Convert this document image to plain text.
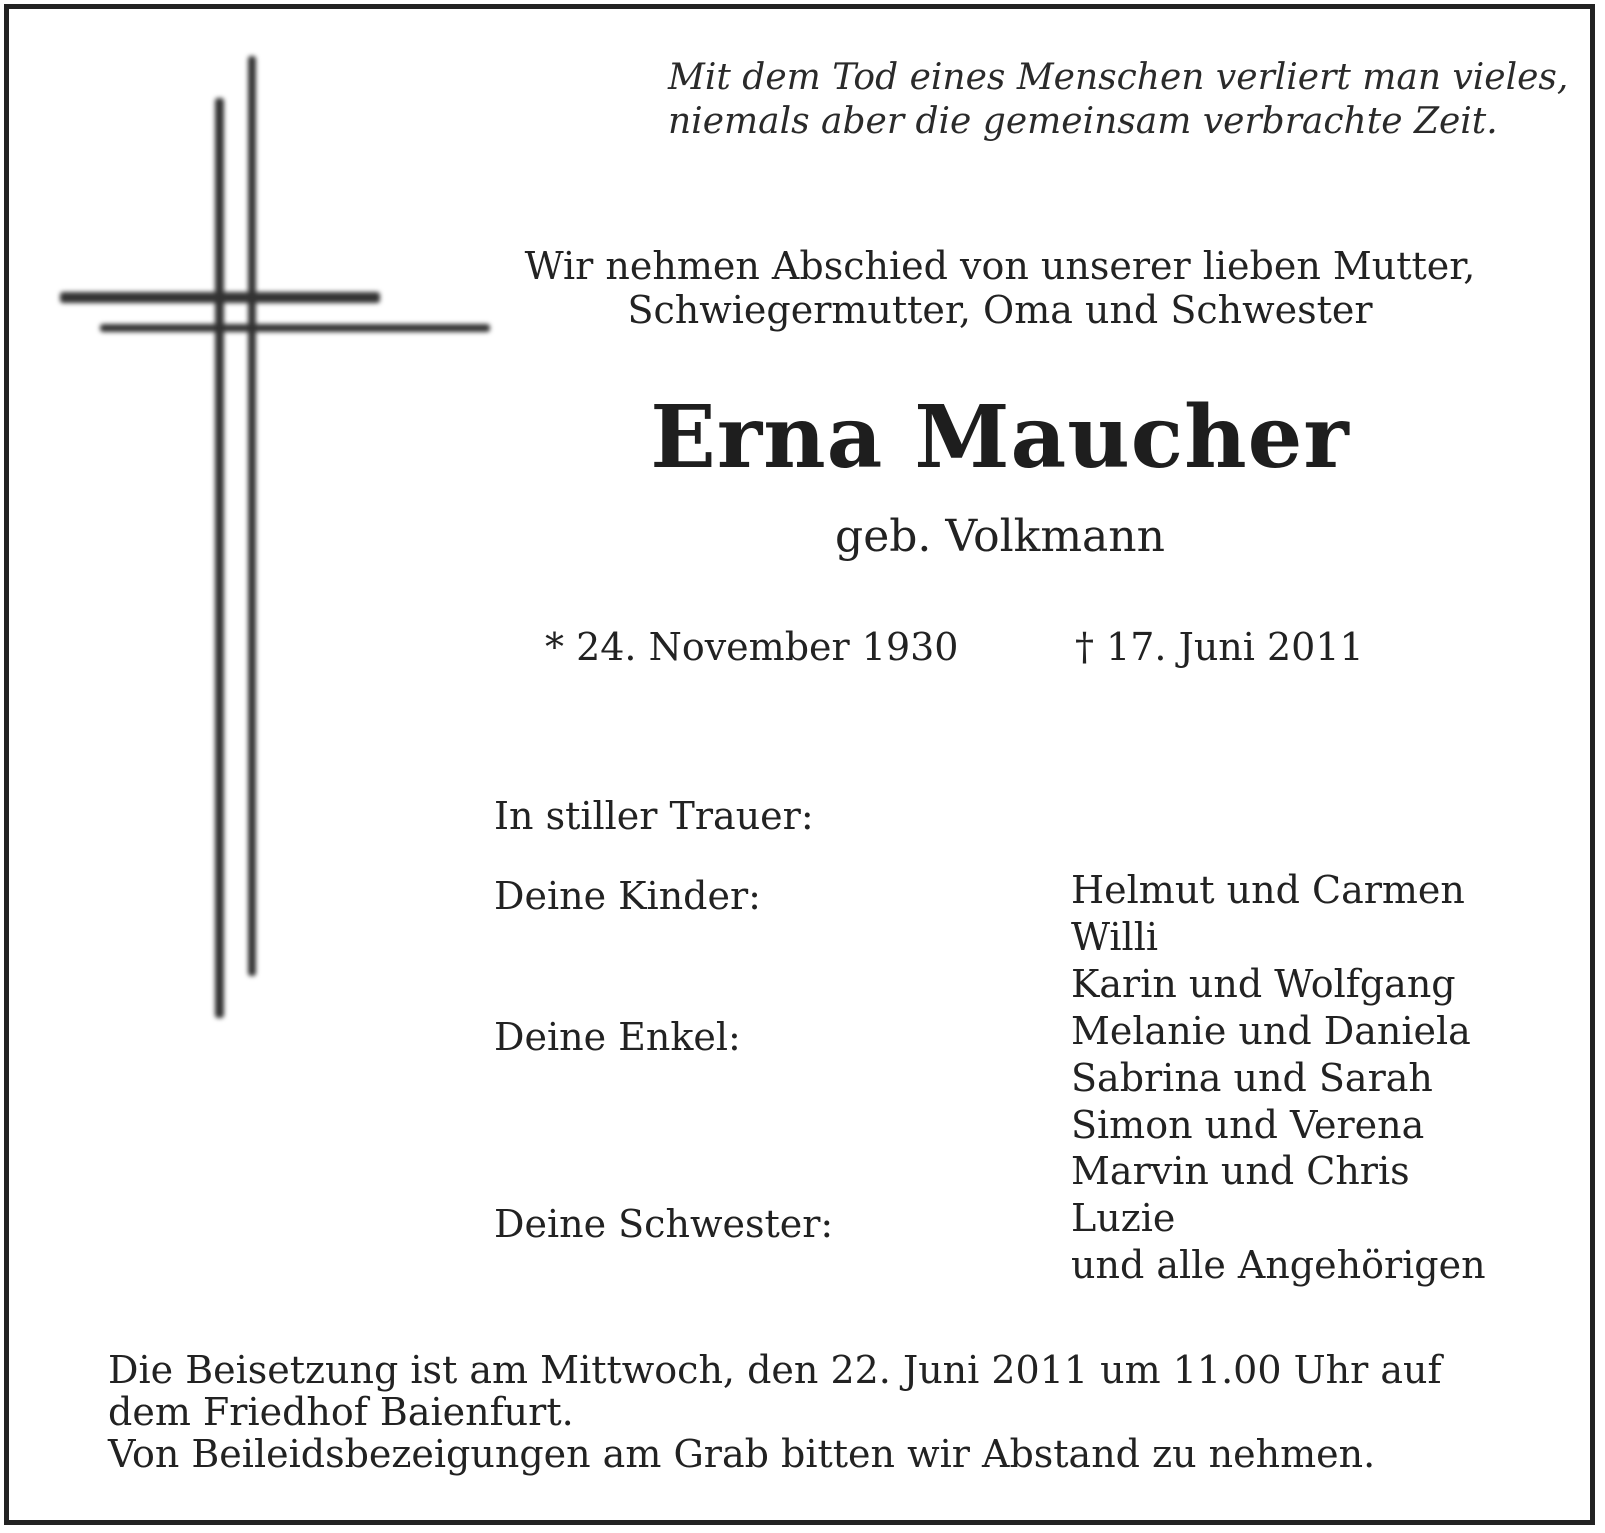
Mit dem Tod eines Menschen verliert man vieles,
niemals aber die gemeinsam verbrachte Zeit.
Wir nehmen Abschied von unserer lieben Mutter,
Schwiegermutter, Oma und Schwester
Erna Maucher
geb. Volkmann
* 24. November 1930	† 17. Juni 2011
In stiller Trauer:
Deine Kinder:
Deine Enkel:
Deine Schwester:
Helmut und Carmen
Willi
Karin und Wolfgang
Melanie und Daniela
Sabrina und Sarah
Simon und Verena
Marvin und Chris
Luzie
und alle Angehörigen
Die Beisetzung ist am Mittwoch, den 22. Juni 2011 um 11.00 Uhr auf
dem Friedhof Baienfurt.
Von Beileidsbezeigungen am Grab bitten wir Abstand zu nehmen.
